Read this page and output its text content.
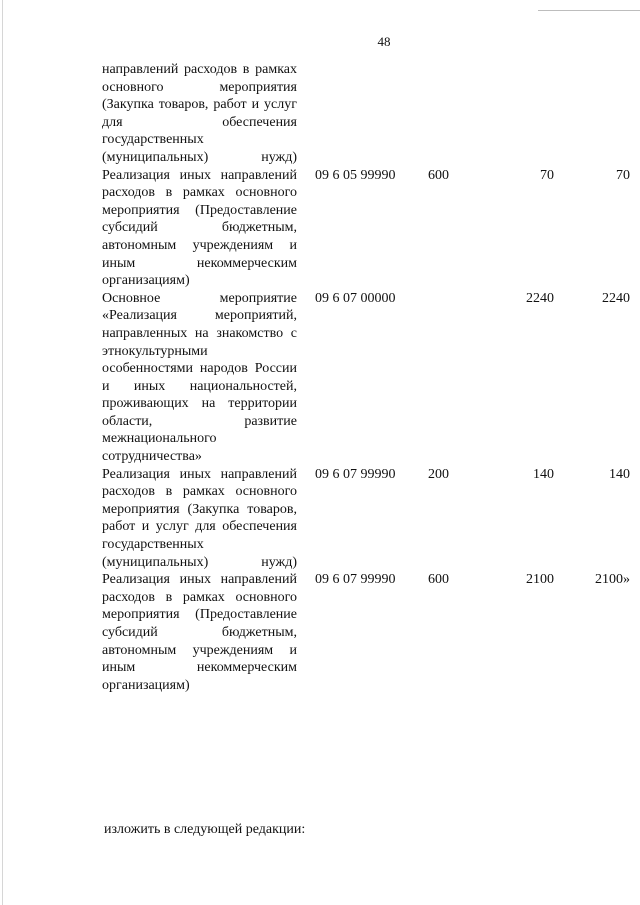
48
направлений расходов в рамках основного мероприятия (Закупка товаров, работ и услуг для обеспечения государственных (муниципальных) нужд)				
Реализация иных направлений расходов в рамках основного мероприятия (Предоставление субсидий бюджетным, автономным учреждениям и иным некоммерческим организациям)	09 6 05 99990	600	70	70
Основное мероприятие «Реализация мероприятий, направленных на знакомство с этнокультурными особенностями народов России и иных национальностей, проживающих на территории области, развитие межнационального сотрудничества»	09 6 07 00000		2240	2240
Реализация иных направлений расходов в рамках основного мероприятия (Закупка товаров, работ и услуг для обеспечения государственных (муниципальных) нужд)	09 6 07 99990	200	140	140
Реализация иных направлений расходов в рамках основного мероприятия (Предоставление субсидий бюджетным, автономным учреждениям и иным некоммерческим организациям)	09 6 07 99990	600	2100	2100»
изложить в следующей редакции:
